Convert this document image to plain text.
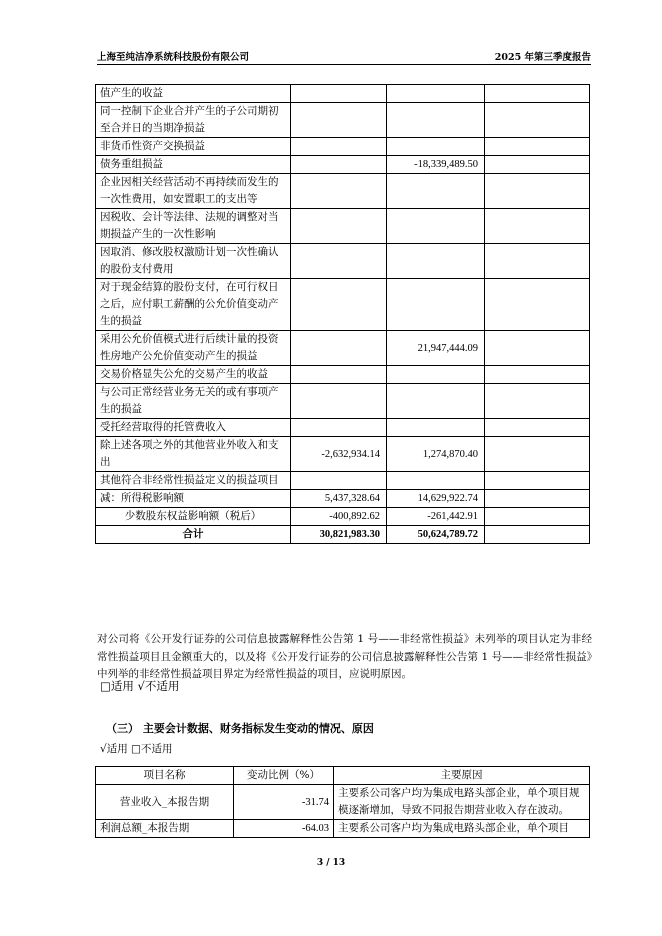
上海至纯洁净系统科技股份有限公司	2025 年第三季度报告
值产生的收益			
同一控制下企业合并产生的子公司期初至合并日的当期净损益			
非货币性资产交换损益			
债务重组损益		-18,339,489.50	
企业因相关经营活动不再持续而发生的一次性费用，如安置职工的支出等			
因税收、会计等法律、法规的调整对当期损益产生的一次性影响			
因取消、修改股权激励计划一次性确认的股份支付费用			
对于现金结算的股份支付，在可行权日之后，应付职工薪酬的公允价值变动产生的损益			
采用公允价值模式进行后续计量的投资性房地产公允价值变动产生的损益		21,947,444.09	
交易价格显失公允的交易产生的收益			
与公司正常经营业务无关的或有事项产生的损益			
受托经营取得的托管费收入			
除上述各项之外的其他营业外收入和支出	-2,632,934.14	1,274,870.40	
其他符合非经常性损益定义的损益项目			
减：所得税影响额	5,437,328.64	14,629,922.74	
少数股东权益影响额（税后）	-400,892.62	-261,442.91	
合计	30,821,983.30	50,624,789.72	
对公司将《公开发行证券的公司信息披露解释性公告第 1 号——非经常性损益》未列举的项目认定为非经常性损益项目且金额重大的，以及将《公开发行证券的公司信息披露解释性公告第 1 号——非经常性损益》中列举的非经常性损益项目界定为经常性损益的项目，应说明原因。
□适用 √不适用
（三） 主要会计数据、财务指标发生变动的情况、原因
√适用 □不适用
项目名称	变动比例（%）	主要原因
营业收入_本报告期	-31.74	主要系公司客户均为集成电路头部企业，单个项目规模逐渐增加，导致不同报告期营业收入存在波动。
利润总额_本报告期	-64.03	主要系公司客户均为集成电路头部企业，单个项目
3 / 13
